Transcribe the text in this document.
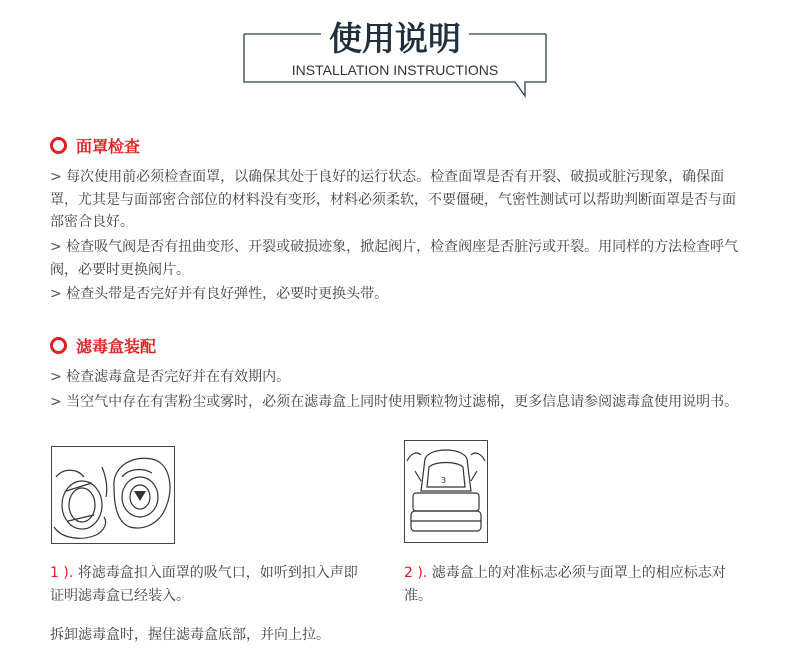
使用说明
INSTALLATION INSTRUCTIONS
面罩检查
> 每次使用前必须检查面罩，以确保其处于良好的运行状态。检查面罩是否有开裂、破损或脏污现象，确保面罩，尤其是与面部密合部位的材料没有变形，材料必须柔软，不要僵硬，气密性测试可以帮助判断面罩是否与面部密合良好。
> 检查吸气阀是否有扭曲变形、开裂或破损迹象，掀起阀片，检查阀座是否脏污或开裂。用同样的方法检查呼气阀，必要时更换阀片。
> 检查头带是否完好并有良好弹性，必要时更换头带。
滤毒盒装配
> 检查滤毒盒是否完好并在有效期内。
> 当空气中存在有害粉尘或雾时，必须在滤毒盒上同时使用颗粒物过滤棉，更多信息请参阅滤毒盒使用说明书。
3
1 ). 将滤毒盒扣入面罩的吸气口，如听到扣入声即证明滤毒盒已经装入。
2 ). 滤毒盒上的对准标志必须与面罩上的相应标志对准。
拆卸滤毒盒时，握住滤毒盒底部，并向上拉。
